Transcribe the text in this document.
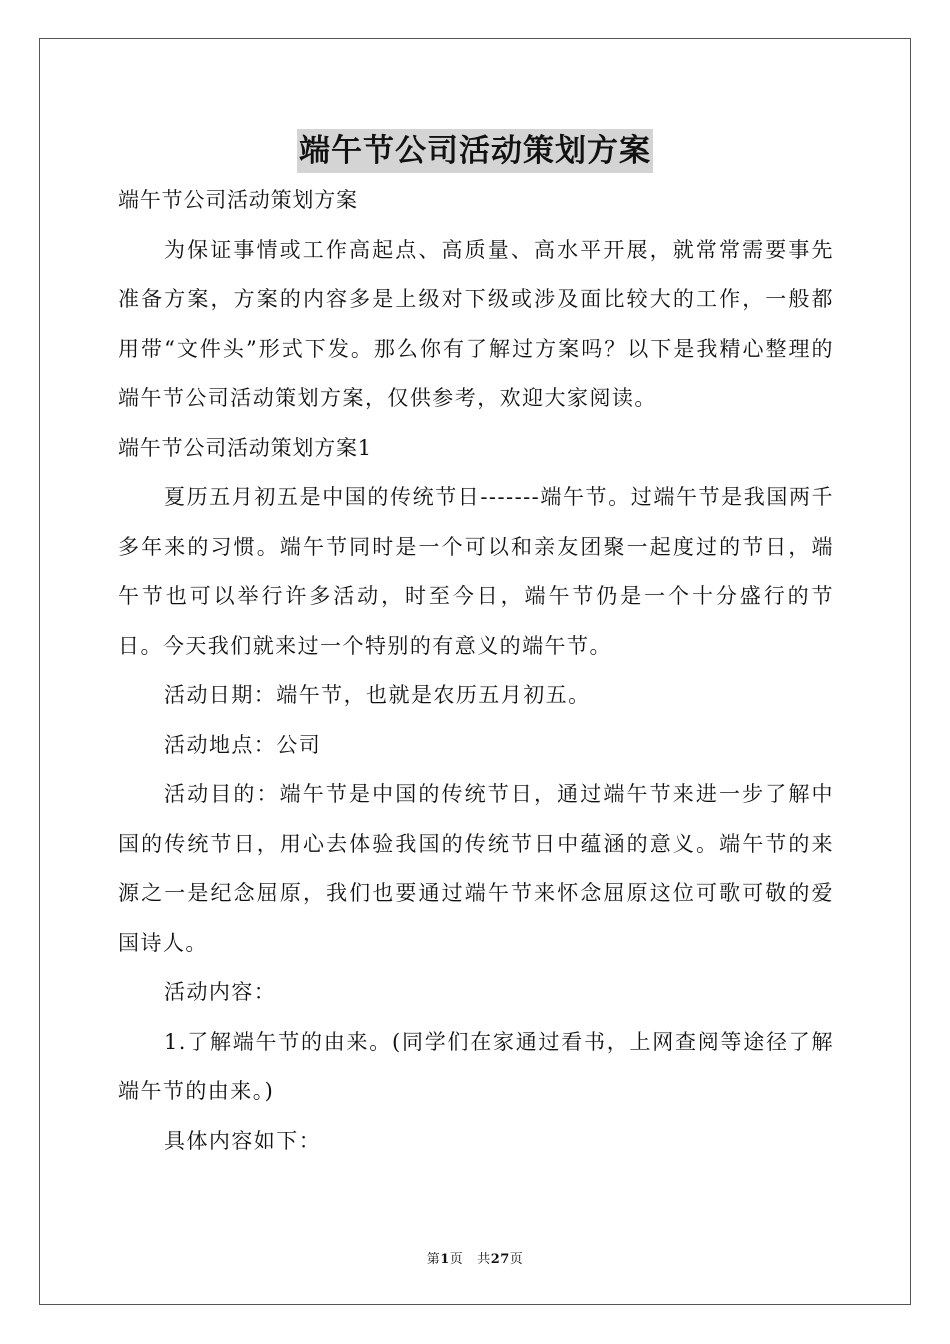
端午节公司活动策划方案

端午节公司活动策划方案

为保证事情或工作高起点、高质量、高水平开展，就常常需要事先准备方案，方案的内容多是上级对下级或涉及面比较大的工作，一般都用带“文件头”形式下发。那么你有了解过方案吗？以下是我精心整理的端午节公司活动策划方案，仅供参考，欢迎大家阅读。

端午节公司活动策划方案1

夏历五月初五是中国的传统节日-------端午节。过端午节是我国两千多年来的习惯。端午节同时是一个可以和亲友团聚一起度过的节日，端午节也可以举行许多活动，时至今日，端午节仍是一个十分盛行的节日。今天我们就来过一个特别的有意义的端午节。

活动日期：端午节，也就是农历五月初五。

活动地点：公司

活动目的：端午节是中国的传统节日，通过端午节来进一步了解中国的传统节日，用心去体验我国的传统节日中蕴涵的意义。端午节的来源之一是纪念屈原，我们也要通过端午节来怀念屈原这位可歌可敬的爱国诗人。

活动内容：

1.了解端午节的由来。(同学们在家通过看书，上网查阅等途径了解端午节的由来。)

具体内容如下：

第1页 共27页
